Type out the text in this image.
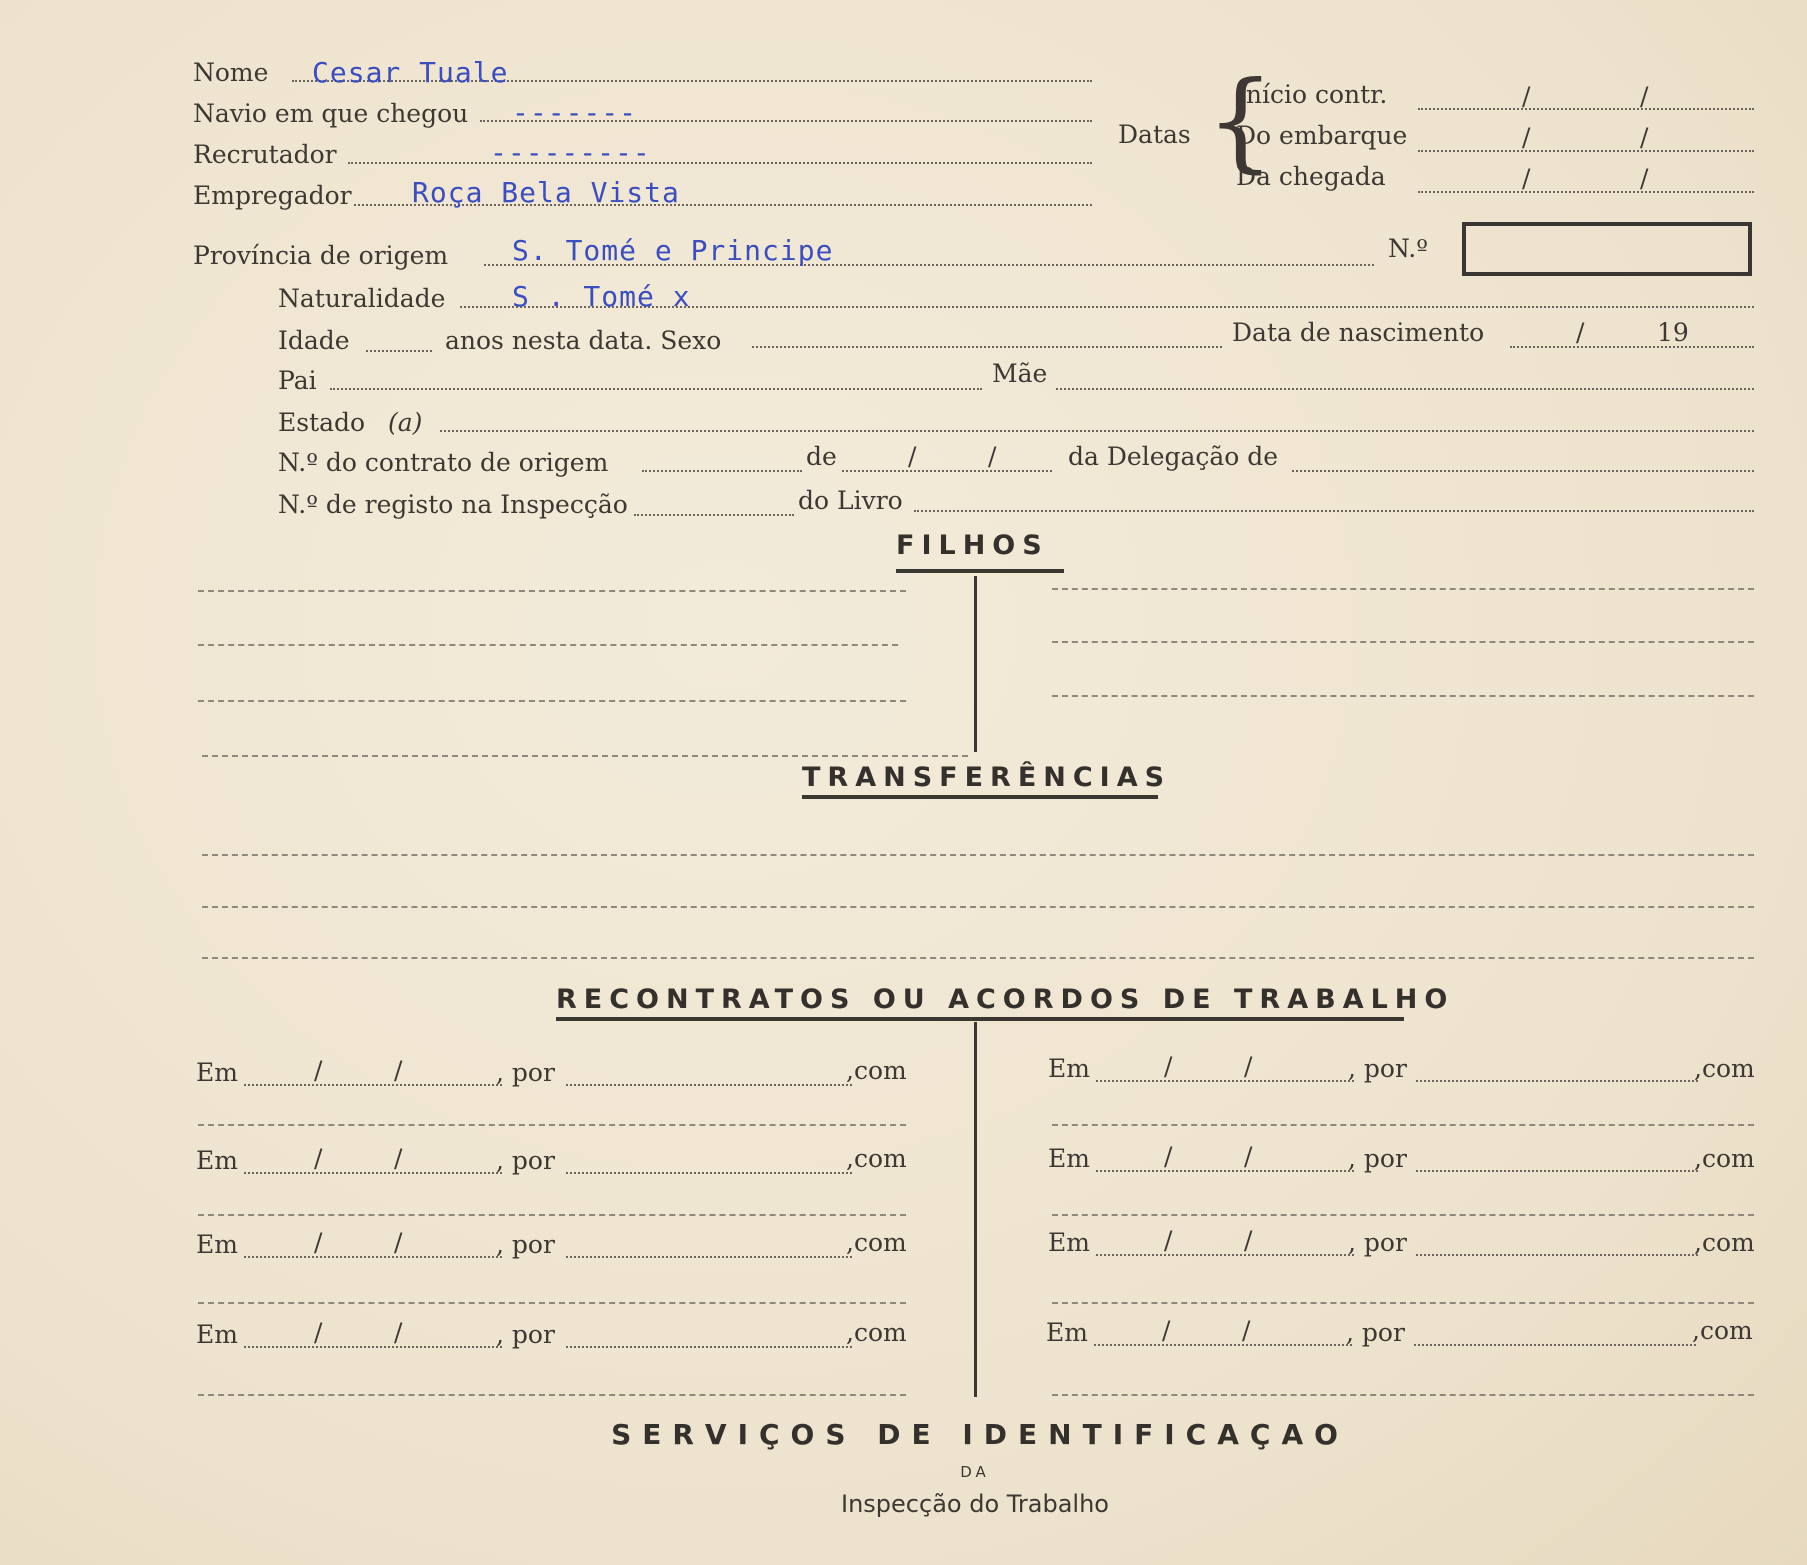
Nome Cesar Tuale
Navio em que chegou -------
Recrutador	---------
Empregador Roça Bela Vista
Datas {
Início contr.	/	/
Do embarque	/	/
Da chegada	/	/
Província de origem S. Tomé e Principe	N.º
Naturalidade S . Tomé x
Idade	anos nesta data. Sexo	Data de nascimento	/	19
Pai	Mãe
Estado (a)
N.º do contrato de origem	de	/	/	da Delegação de
N.º de registo na Inspecção	do Livro
FILHOS
TRANSFERÊNCIAS
RECONTRATOS OU ACORDOS DE TRABALHO
Em	/	/	, por	,com
Em	/	/	, por	,com
Em	/	/	, por	,com
Em	/	/	, por	,com
Em	/	/	, por	,com
Em	/	/	, por	,com
Em	/	/	, por	,com
Em	/	/	, por	,com
SERVIÇOS DE IDENTIFICAÇAO
DA
Inspecção do Trabalho
